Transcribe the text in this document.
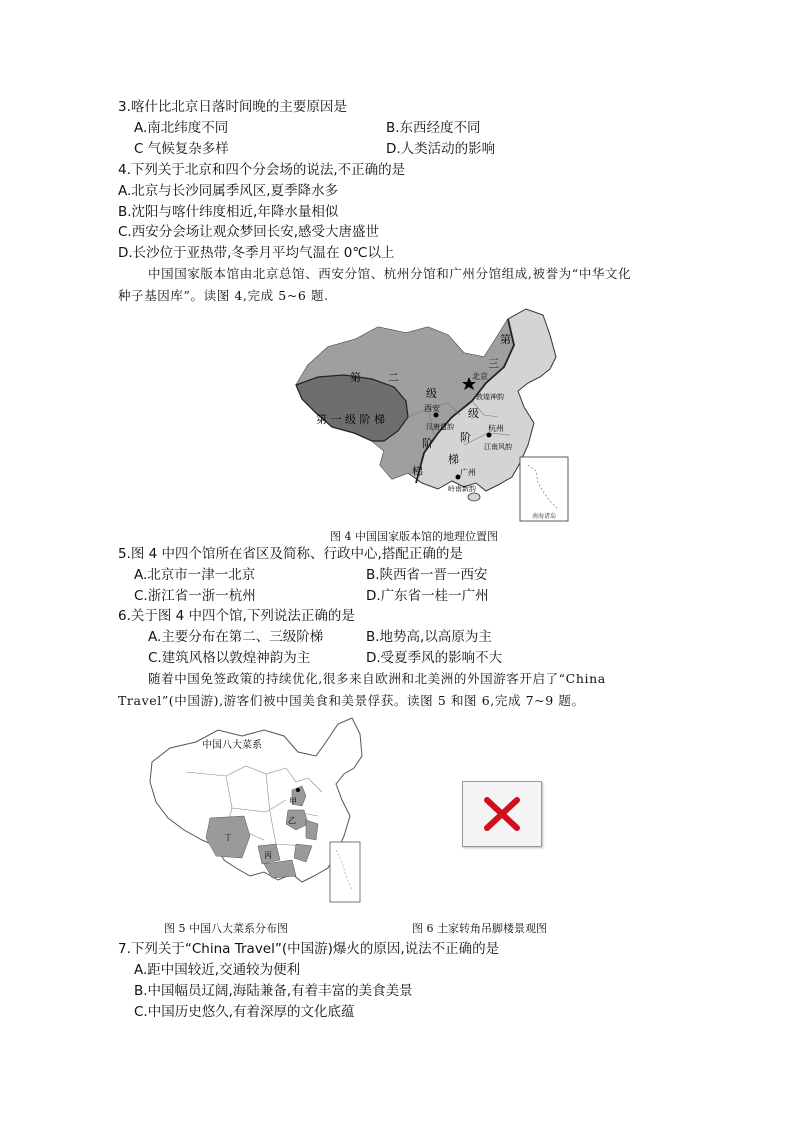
3.喀什比北京日落时间晚的主要原因是
A.南北纬度不同	B.东西经度不同
C 气候复杂多样	D.人类活动的影响
4.下列关于北京和四个分会场的说法,不正确的是
A.北京与长沙同属季风区,夏季降水多
B.沈阳与喀什纬度相近,年降水量相似
C.西安分会场让观众梦回长安,感受大唐盛世
D.长沙位于亚热带,冬季月平均气温在 0℃以上
中国国家版本馆由北京总馆、西安分馆、杭州分馆和广州分馆组成,被誉为“中华文化
种子基因库”。读图 4,完成 5~6 题.
南海诸岛
第 一 级 阶 梯
第 二
级
阶
梯
第
三
级
阶
梯
北京
敦煌神韵
西安
汉唐遗韵	杭州
江南风韵
广州
岭南新韵
图 4 中国国家版本馆的地理位置图
5.图 4 中四个馆所在省区及简称、行政中心,搭配正确的是
A.北京市一津一北京	B.陕西省一晋一西安
C.浙江省一浙一杭州	D.广东省一桂一广州
6.关于图 4 中四个馆,下列说法正确的是
A.主要分布在第二、三级阶梯	B.地势高,以高原为主
C.建筑风格以敦煌神韵为主	D.受夏季风的影响不大
随着中国免签政策的持续优化,很多来自欧洲和北美洲的外国游客开启了“China
Travel”(中国游),游客们被中国美食和美景俘获。读图 5 和图 6,完成 7~9 题。
中国八大菜系
甲
乙
丙
丁
图 5 中国八大菜系分布图	图 6 土家转角吊脚楼景观图
7.下列关于“China Travel”(中国游)爆火的原因,说法不正确的是
A.距中国较近,交通较为便利
B.中国幅员辽阔,海陆兼备,有着丰富的美食美景
C.中国历史悠久,有着深厚的文化底蕴
